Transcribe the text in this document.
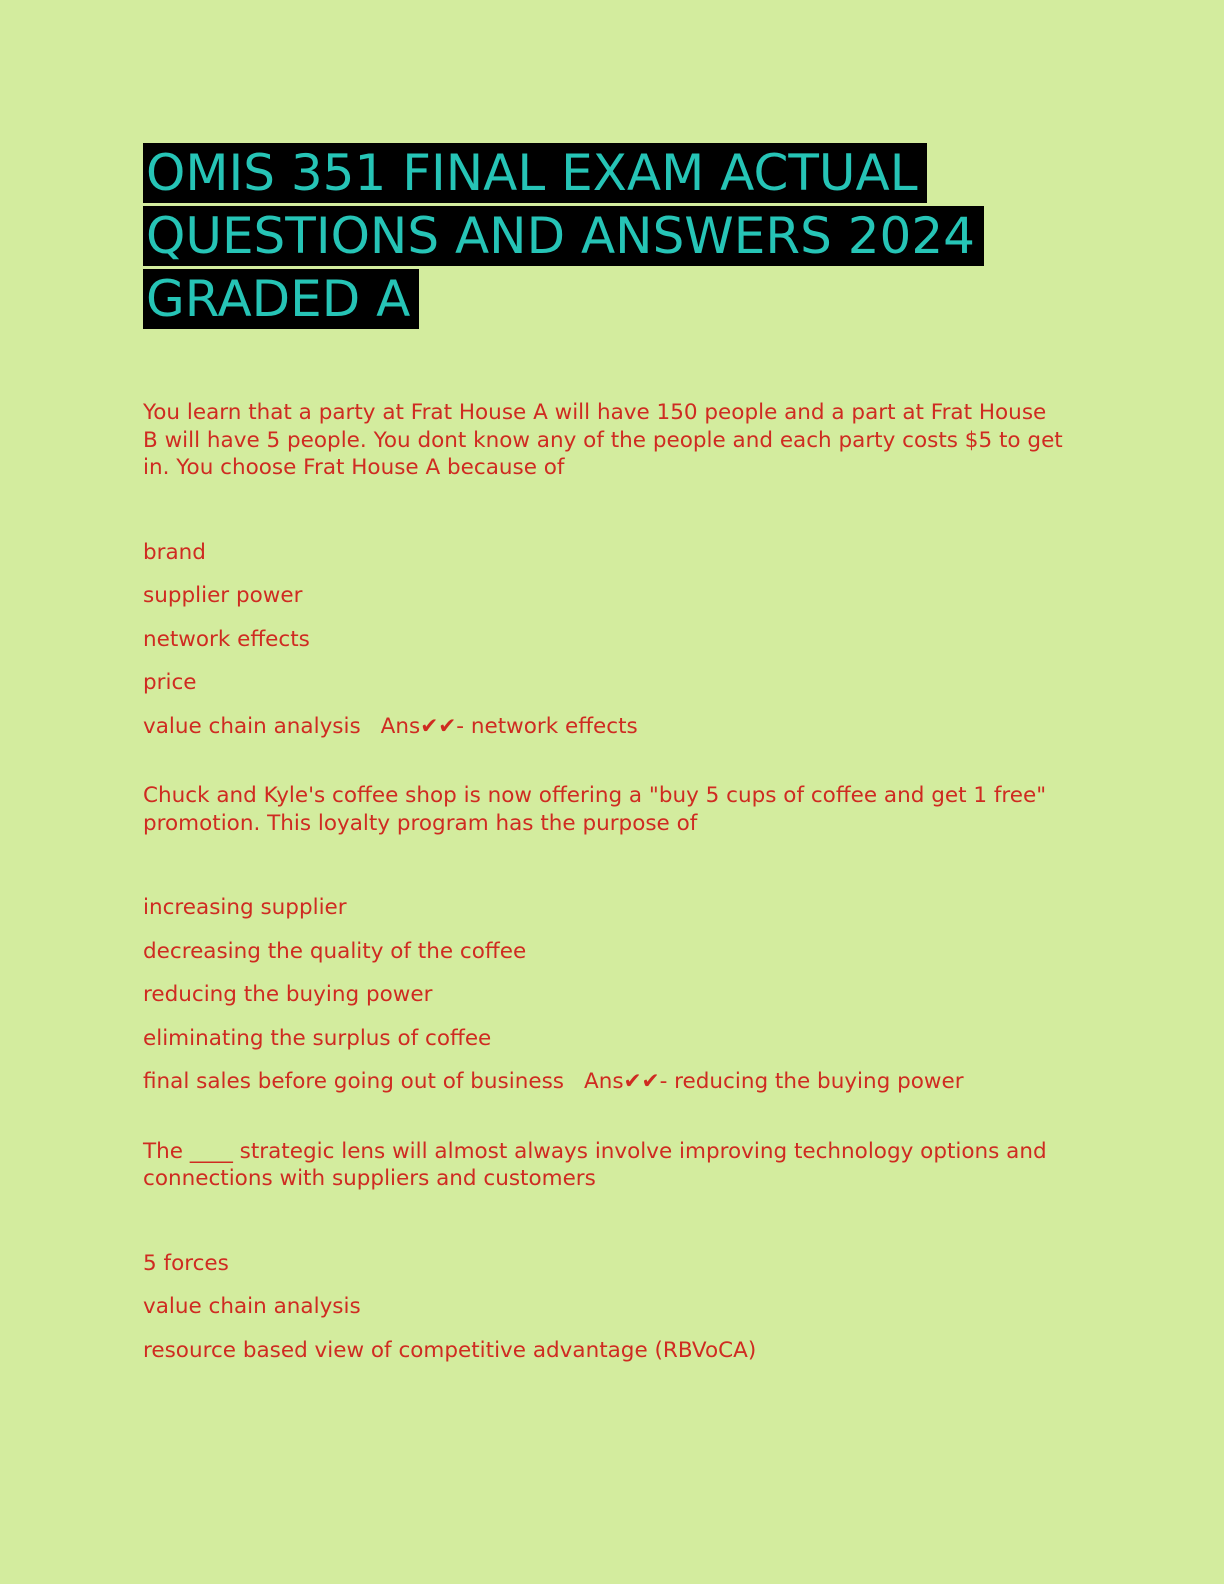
OMIS 351 FINAL EXAM ACTUAL
QUESTIONS AND ANSWERS 2024
GRADED A

You learn that a party at Frat House A will have 150 people and a part at Frat House B will have 5 people. You dont know any of the people and each party costs $5 to get in. You choose Frat House A because of

brand

supplier power

network effects

price

value chain analysis Ans✔✔- network effects

Chuck and Kyle's coffee shop is now offering a "buy 5 cups of coffee and get 1 free" promotion. This loyalty program has the purpose of

increasing supplier

decreasing the quality of the coffee

reducing the buying power

eliminating the surplus of coffee

final sales before going out of business Ans✔✔- reducing the buying power

The ____ strategic lens will almost always involve improving technology options and connections with suppliers and customers

5 forces

value chain analysis

resource based view of competitive advantage (RBVoCA)
